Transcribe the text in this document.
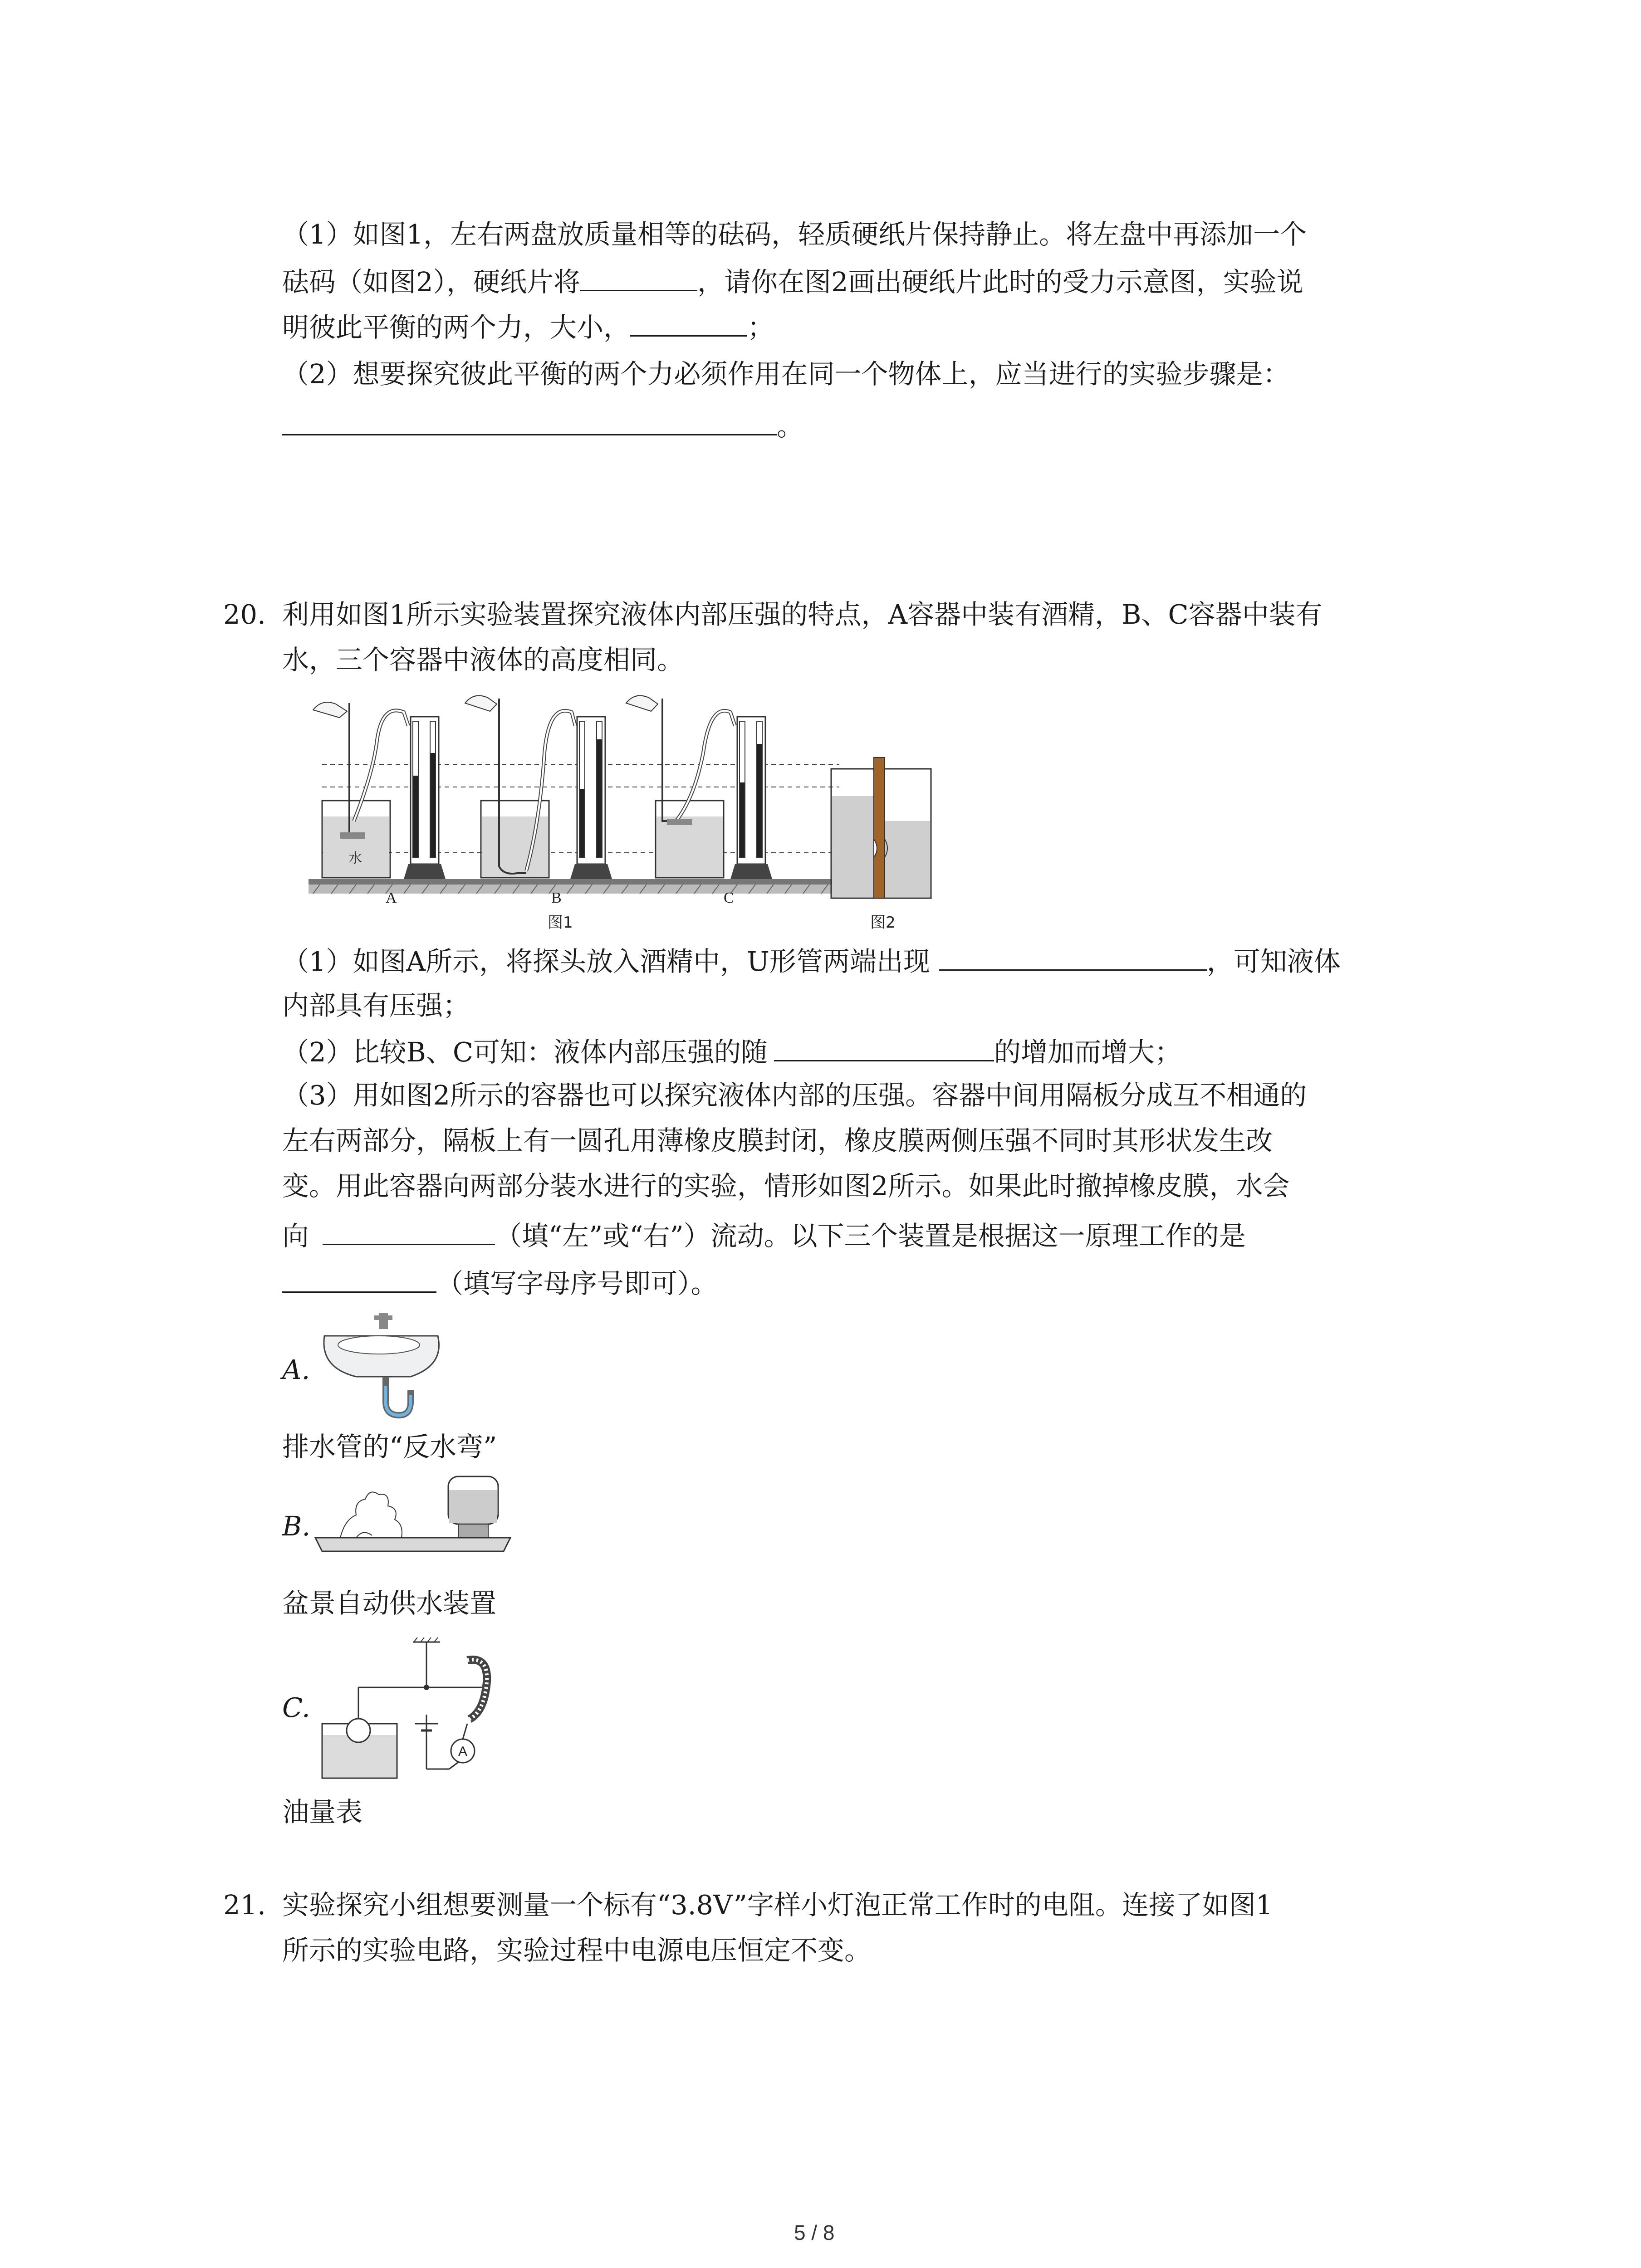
（1）如图1，左右两盘放质量相等的砝码，轻质硬纸片保持静止。将左盘中再添加一个
砝码（如图2），硬纸片将	，请你在图2画出硬纸片此时的受力示意图，实验说
明彼此平衡的两个力，大小，	；
（2）想要探究彼此平衡的两个力必须作用在同一个物体上，应当进行的实验步骤是：
。
20. 利用如图1所示实验装置探究液体内部压强的特点，A容器中装有酒精，B、C容器中装有
水，三个容器中液体的高度相同。
水
A	B	C
图1	图2
（1）如图A所示，将探头放入酒精中，U形管两端出现	，可知液体
内部具有压强；
（2）比较B、C可知：液体内部压强的随	的增加而增大；
（3）用如图2所示的容器也可以探究液体内部的压强。容器中间用隔板分成互不相通的
左右两部分，隔板上有一圆孔用薄橡皮膜封闭，橡皮膜两侧压强不同时其形状发生改
变。用此容器向两部分装水进行的实验，情形如图2所示。如果此时撤掉橡皮膜，水会
向	（填“左”或“右”）流动。以下三个装置是根据这一原理工作的是
（填写字母序号即可）。
A.
排水管的“反水弯”
B.
盆景自动供水装置
C.
A
油量表
21. 实验探究小组想要测量一个标有“3.8V”字样小灯泡正常工作时的电阻。连接了如图1
所示的实验电路，实验过程中电源电压恒定不变。
5 / 8
